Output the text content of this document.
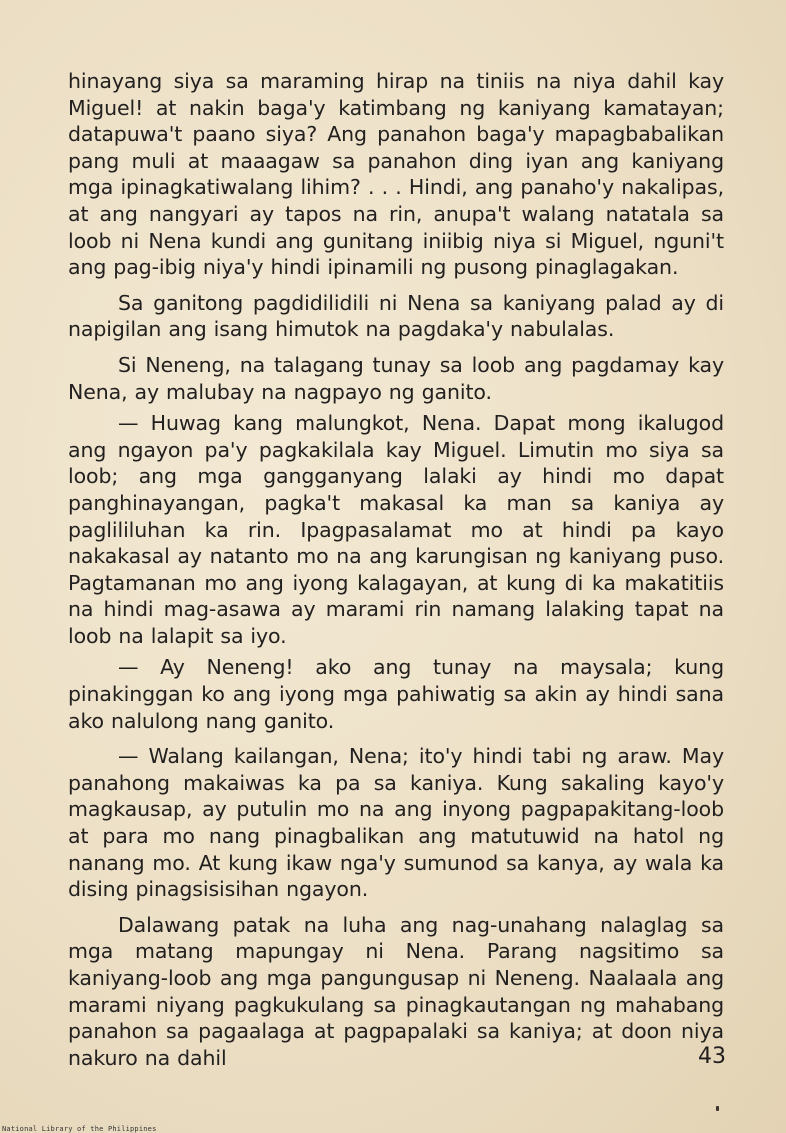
hinayang siya sa maraming hirap na tiniis na niya dahil kay Miguel! at nakin baga'y katimbang ng kaniyang kamatayan; datapuwa't paano siya? Ang panahon baga'y mapagbabalikan pang muli at maaagaw sa panahon ding iyan ang kaniyang mga ipinagkatiwalang lihim? . . . Hindi, ang panaho'y nakalipas, at ang nangyari ay tapos na rin, anupa't walang natatala sa loob ni Nena kundi ang gunitang iniibig niya si Miguel, nguni't ang pag-ibig niya'y hindi ipinamili ng pusong pinaglagakan.

Sa ganitong pagdidilidili ni Nena sa kaniyang palad ay di napigilan ang isang himutok na pagdaka'y nabulalas.

Si Neneng, na talagang tunay sa loob ang pagdamay kay Nena, ay malubay na nagpayo ng ganito.

— Huwag kang malungkot, Nena. Dapat mong ikalugod ang ngayon pa'y pagkakilala kay Miguel. Limutin mo siya sa loob; ang mga gangganyang lalaki ay hindi mo dapat panghinayangan, pagka't makasal ka man sa kaniya ay paglililuhan ka rin. Ipagpasalamat mo at hindi pa kayo nakakasal ay natanto mo na ang karungisan ng kaniyang puso. Pagtamanan mo ang iyong kalagayan, at kung di ka makatitiis na hindi mag-asawa ay marami rin namang lalaking tapat na loob na lalapit sa iyo.

— Ay Neneng! ako ang tunay na maysala; kung pinakinggan ko ang iyong mga pahiwatig sa akin ay hindi sana ako nalulong nang ganito.

— Walang kailangan, Nena; ito'y hindi tabi ng araw. May panahong makaiwas ka pa sa kaniya. Kung sakaling kayo'y magkausap, ay putulin mo na ang inyong pagpapakitang-loob at para mo nang pinagbalikan ang matutuwid na hatol ng nanang mo. At kung ikaw nga'y sumunod sa kanya, ay wala ka dising pinagsisisihan ngayon.

Dalawang patak na luha ang nag-unahang nalaglag sa mga matang mapungay ni Nena. Parang nagsitimo sa kaniyang-loob ang mga pangungusap ni Neneng. Naalaala ang marami niyang pagkukulang sa pinagkautangan ng mahabang panahon sa pagaalaga at pagpapalaki sa kaniya; at doon niya nakuro na dahil	43
National Library of the Philippines
